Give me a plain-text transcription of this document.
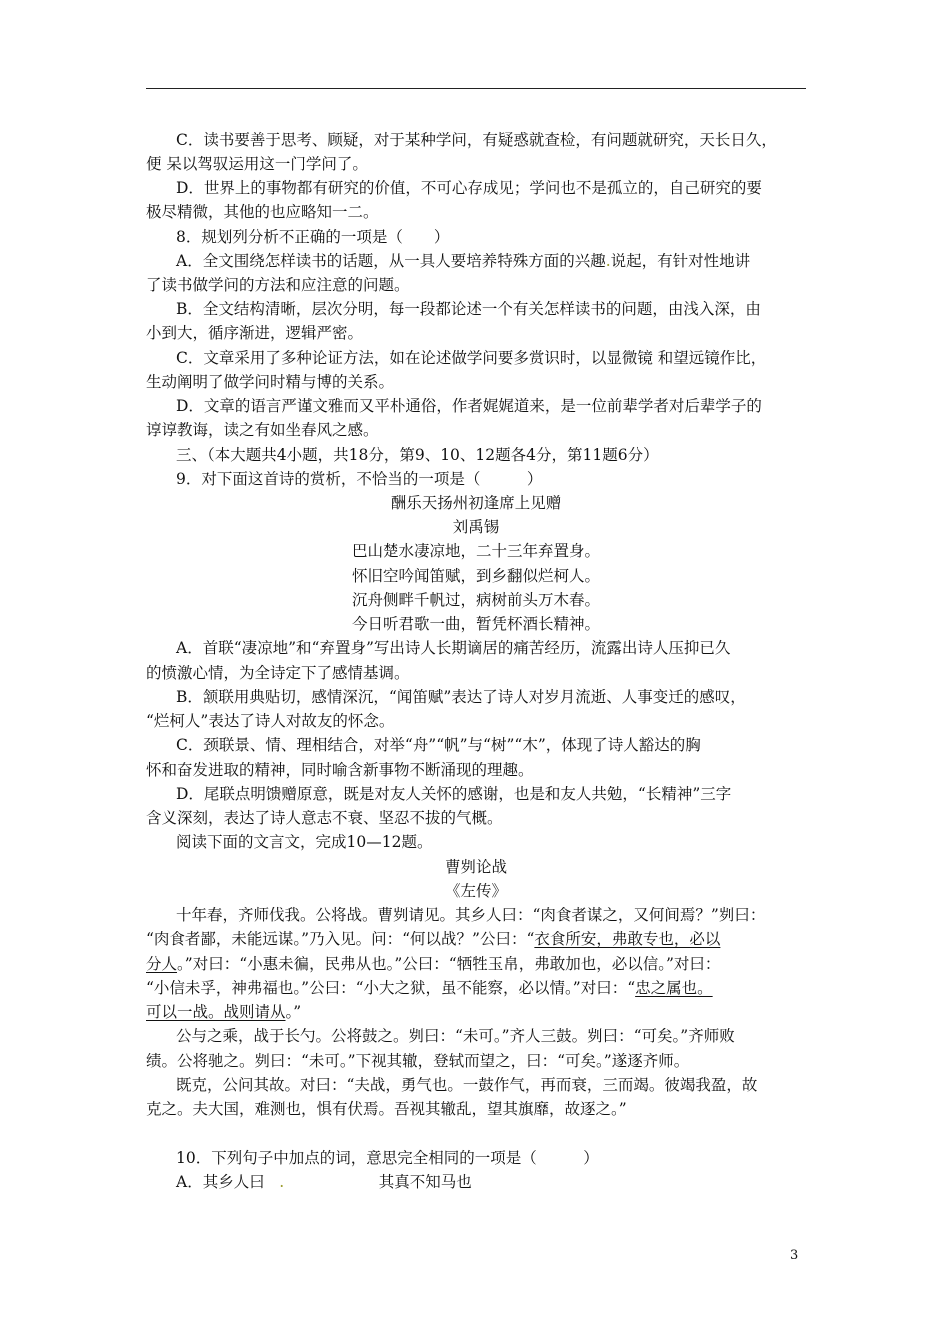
C．读书要善于思考、顾疑，对于某种学问，有疑惑就查检，有问题就研究，天长日久，
便 呆以驾驭运用这一门学问了。
D．世界上的事物都有研究的价值，不可心存成见；学问也不是孤立的，自己研究的要
极尽精微，其他的也应略知一二。
8．规划列分析不正确的一项是（　　）
A．全文围绕怎样读书的话题，从一具人要培养特殊方面的兴趣.说起，有针对性地讲
了读书做学问的方法和应注意的问题。
B．全文结构清晰，层次分明，每一段都论述一个有关怎样读书的问题，由浅入深，由
小到大，循序渐进，逻辑严密。
C．文章采用了多种论证方法，如在论述做学问要多赏识时，以显微镜 和望远镜作比，
生动阐明了做学问时精与博的关系。
D．文章的语言严谨文雅而又平朴通俗，作者娓娓道来，是一位前辈学者对后辈学子的
谆谆教诲，读之有如坐春风之感。
三、（本大题共4小题，共18分，第9、10、12题各4分，第11题6分）
9．对下面这首诗的赏析，不恰当的一项是（　　　）
酬乐天扬州初逢席上见赠
刘禹锡
巴山楚水凄凉地，二十三年弃置身。
怀旧空吟闻笛赋，到乡翻似烂柯人。
沉舟侧畔千帆过，病树前头万木春。
今日听君歌一曲，暂凭杯酒长精神。
A．首联“凄凉地”和“弃置身”写出诗人长期谪居的痛苦经历，流露出诗人压抑已久
的愤激心情，为全诗定下了感情基调。
B．颔联用典贴切，感情深沉，“闻笛赋”表达了诗人对岁月流逝、人事变迁的感叹，
“烂柯人”表达了诗人对故友的怀念。
C．颈联景、情、理相结合，对举“舟”“帆”与“树”“木”，体现了诗人豁达的胸
怀和奋发进取的精神，同时喻含新事物不断涌现的理趣。
D．尾联点明馈赠原意，既是对友人关怀的感谢，也是和友人共勉，“长精神”三字
含义深刻，表达了诗人意志不衰、坚忍不拔的气概。
阅读下面的文言文，完成10—12题。
曹刿论战
《左传》
十年春，齐师伐我。公将战。曹刿请见。其乡人曰：“肉食者谋之，又何间焉？”刿曰：
“肉食者鄙，未能远谋。”乃入见。问：“何以战？”公曰：“衣食所安，弗敢专也，必以
分人。”对曰：“小惠未徧，民弗从也。”公曰：“牺牲玉帛，弗敢加也，必以信。”对曰：
“小信未孚，神弗福也。”公曰：“小大之狱，虽不能察，必以情。”对曰：“忠之属也。
可以一战。战则请从。”
公与之乘，战于长勺。公将鼓之。刿曰：“未可。”齐人三鼓。刿曰：“可矣。”齐师败
绩。公将驰之。刿曰：“未可。”下视其辙，登轼而望之，曰：“可矣。”遂逐齐师。
既克，公问其故。对曰：“夫战，勇气也。一鼓作气，再而衰，三而竭。彼竭我盈，故
克之。夫大国，难测也，惧有伏焉。吾视其辙乱，望其旗靡，故逐之。”
10．下列句子中加点的词，意思完全相同的一项是（　　　）
A．其乡人曰 .	其真不知马也
3
